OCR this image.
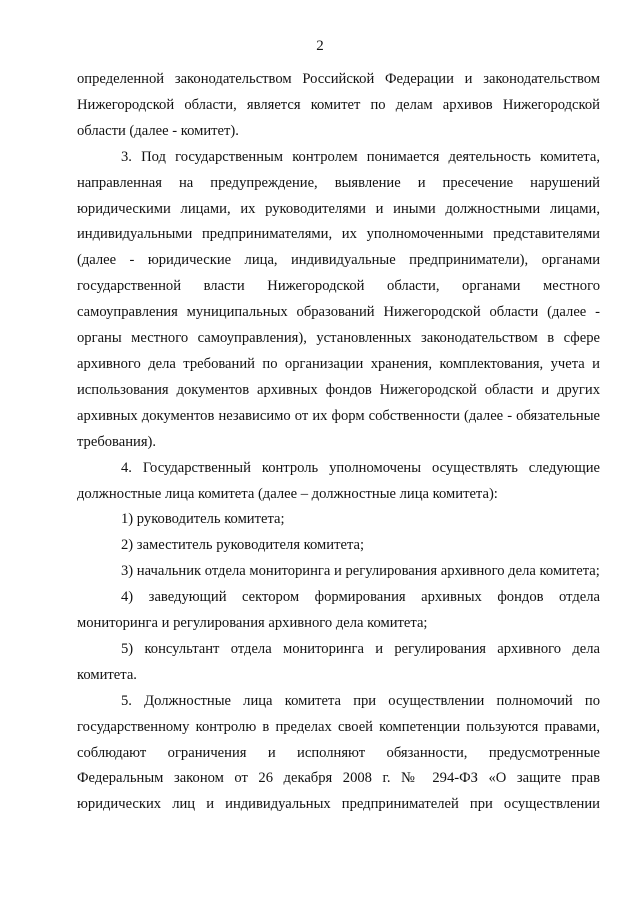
2

определенной законодательством Российской Федерации и законодательством Нижегородской области, является комитет по делам архивов Нижегородской области (далее - комитет).

3. Под государственным контролем понимается деятельность комитета, направленная на предупреждение, выявление и пресечение нарушений юридическими лицами, их руководителями и иными должностными лицами, индивидуальными предпринимателями, их уполномоченными представителями (далее - юридические лица, индивидуальные предприниматели), органами государственной власти Нижегородской области, органами местного самоуправления муниципальных образований Нижегородской области (далее - органы местного самоуправления), установленных законодательством в сфере архивного дела требований по организации хранения, комплектования, учета и использования документов архивных фондов Нижегородской области и других архивных документов независимо от их форм собственности (далее - обязательные требования).

4. Государственный контроль уполномочены осуществлять следующие должностные лица комитета (далее – должностные лица комитета):

1) руководитель комитета;

2) заместитель руководителя комитета;

3) начальник отдела мониторинга и регулирования архивного дела комитета;

4) заведующий сектором формирования архивных фондов отдела мониторинга и регулирования архивного дела комитета;

5) консультант отдела мониторинга и регулирования архивного дела комитета.

5. Должностные лица комитета при осуществлении полномочий по государственному контролю в пределах своей компетенции пользуются правами, соблюдают ограничения и исполняют обязанности, предусмотренные Федеральным законом от 26 декабря 2008 г. № 294-ФЗ «О защите прав юридических лиц и индивидуальных предпринимателей при осуществлении
